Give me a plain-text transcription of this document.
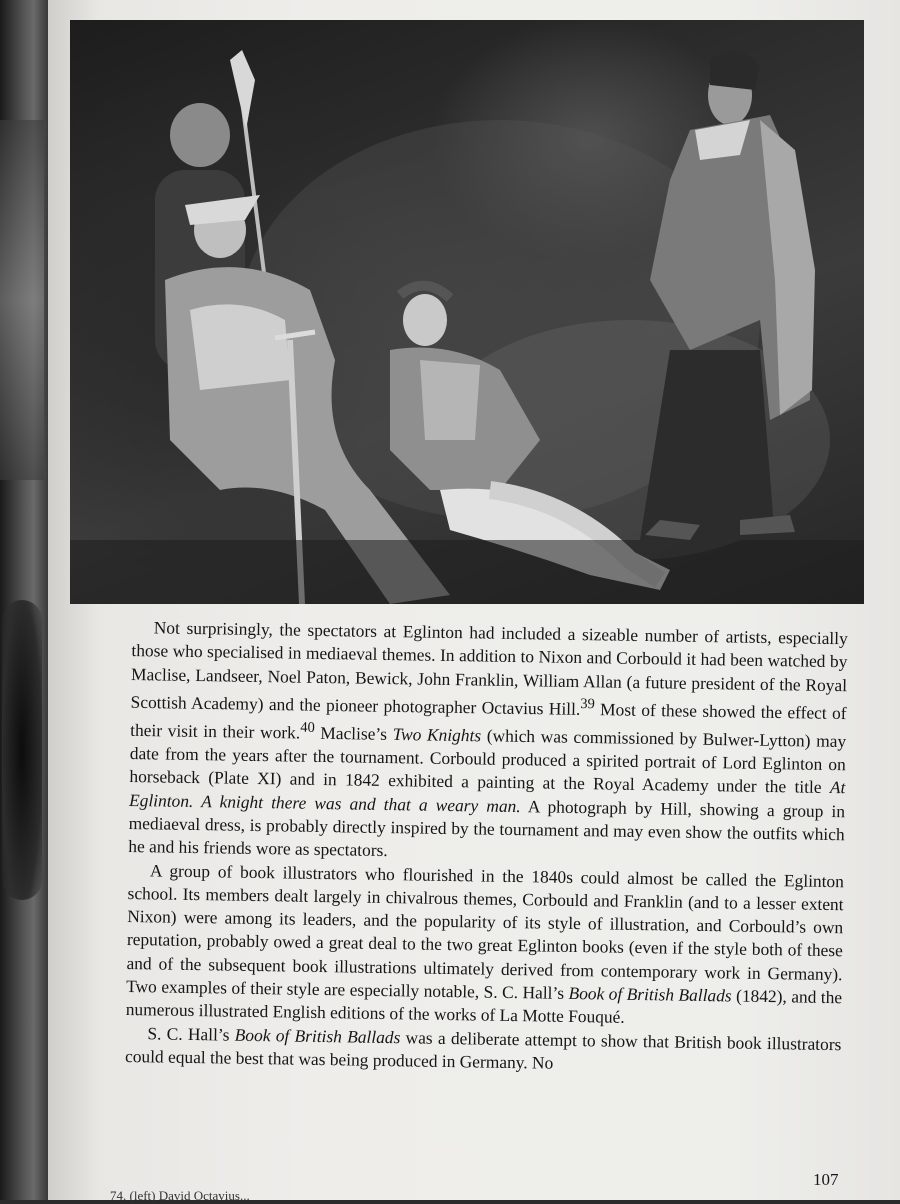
Not surprisingly, the spectators at Eglinton had included a sizeable number of artists, especially those who specialised in mediaeval themes. In addition to Nixon and Corbould it had been watched by Maclise, Landseer, Noel Paton, Bewick, John Franklin, William Allan (a future president of the Royal Scottish Academy) and the pioneer photographer Octavius Hill.$^{39}$ Most of these showed the effect of their visit in their work.$^{40}$ Maclise’s Two Knights (which was commissioned by Bulwer-Lytton) may date from the years after the tournament. Corbould produced a spirited portrait of Lord Eglinton on horseback (Plate XI) and in 1842 exhibited a painting at the Royal Academy under the title At Eglinton. A knight there was and that a weary man. A photograph by Hill, showing a group in mediaeval dress, is probably directly inspired by the tournament and may even show the outfits which he and his friends wore as spectators.

A group of book illustrators who flourished in the 1840s could almost be called the Eglinton school. Its members dealt largely in chivalrous themes, Corbould and Franklin (and to a lesser extent Nixon) were among its leaders, and the popularity of its style of illustration, and Corbould’s own reputation, probably owed a great deal to the two great Eglinton books (even if the style both of these and of the subsequent book illustrations ultimately derived from contemporary work in Germany). Two examples of their style are especially notable, S. C. Hall’s Book of British Ballads (1842), and the numerous illustrated English editions of the works of La Motte Fouqué.

S. C. Hall’s Book of British Ballads was a deliberate attempt to show that British book illustrators could equal the best that was being produced in Germany. No

107
74. (left) David Octavius...
